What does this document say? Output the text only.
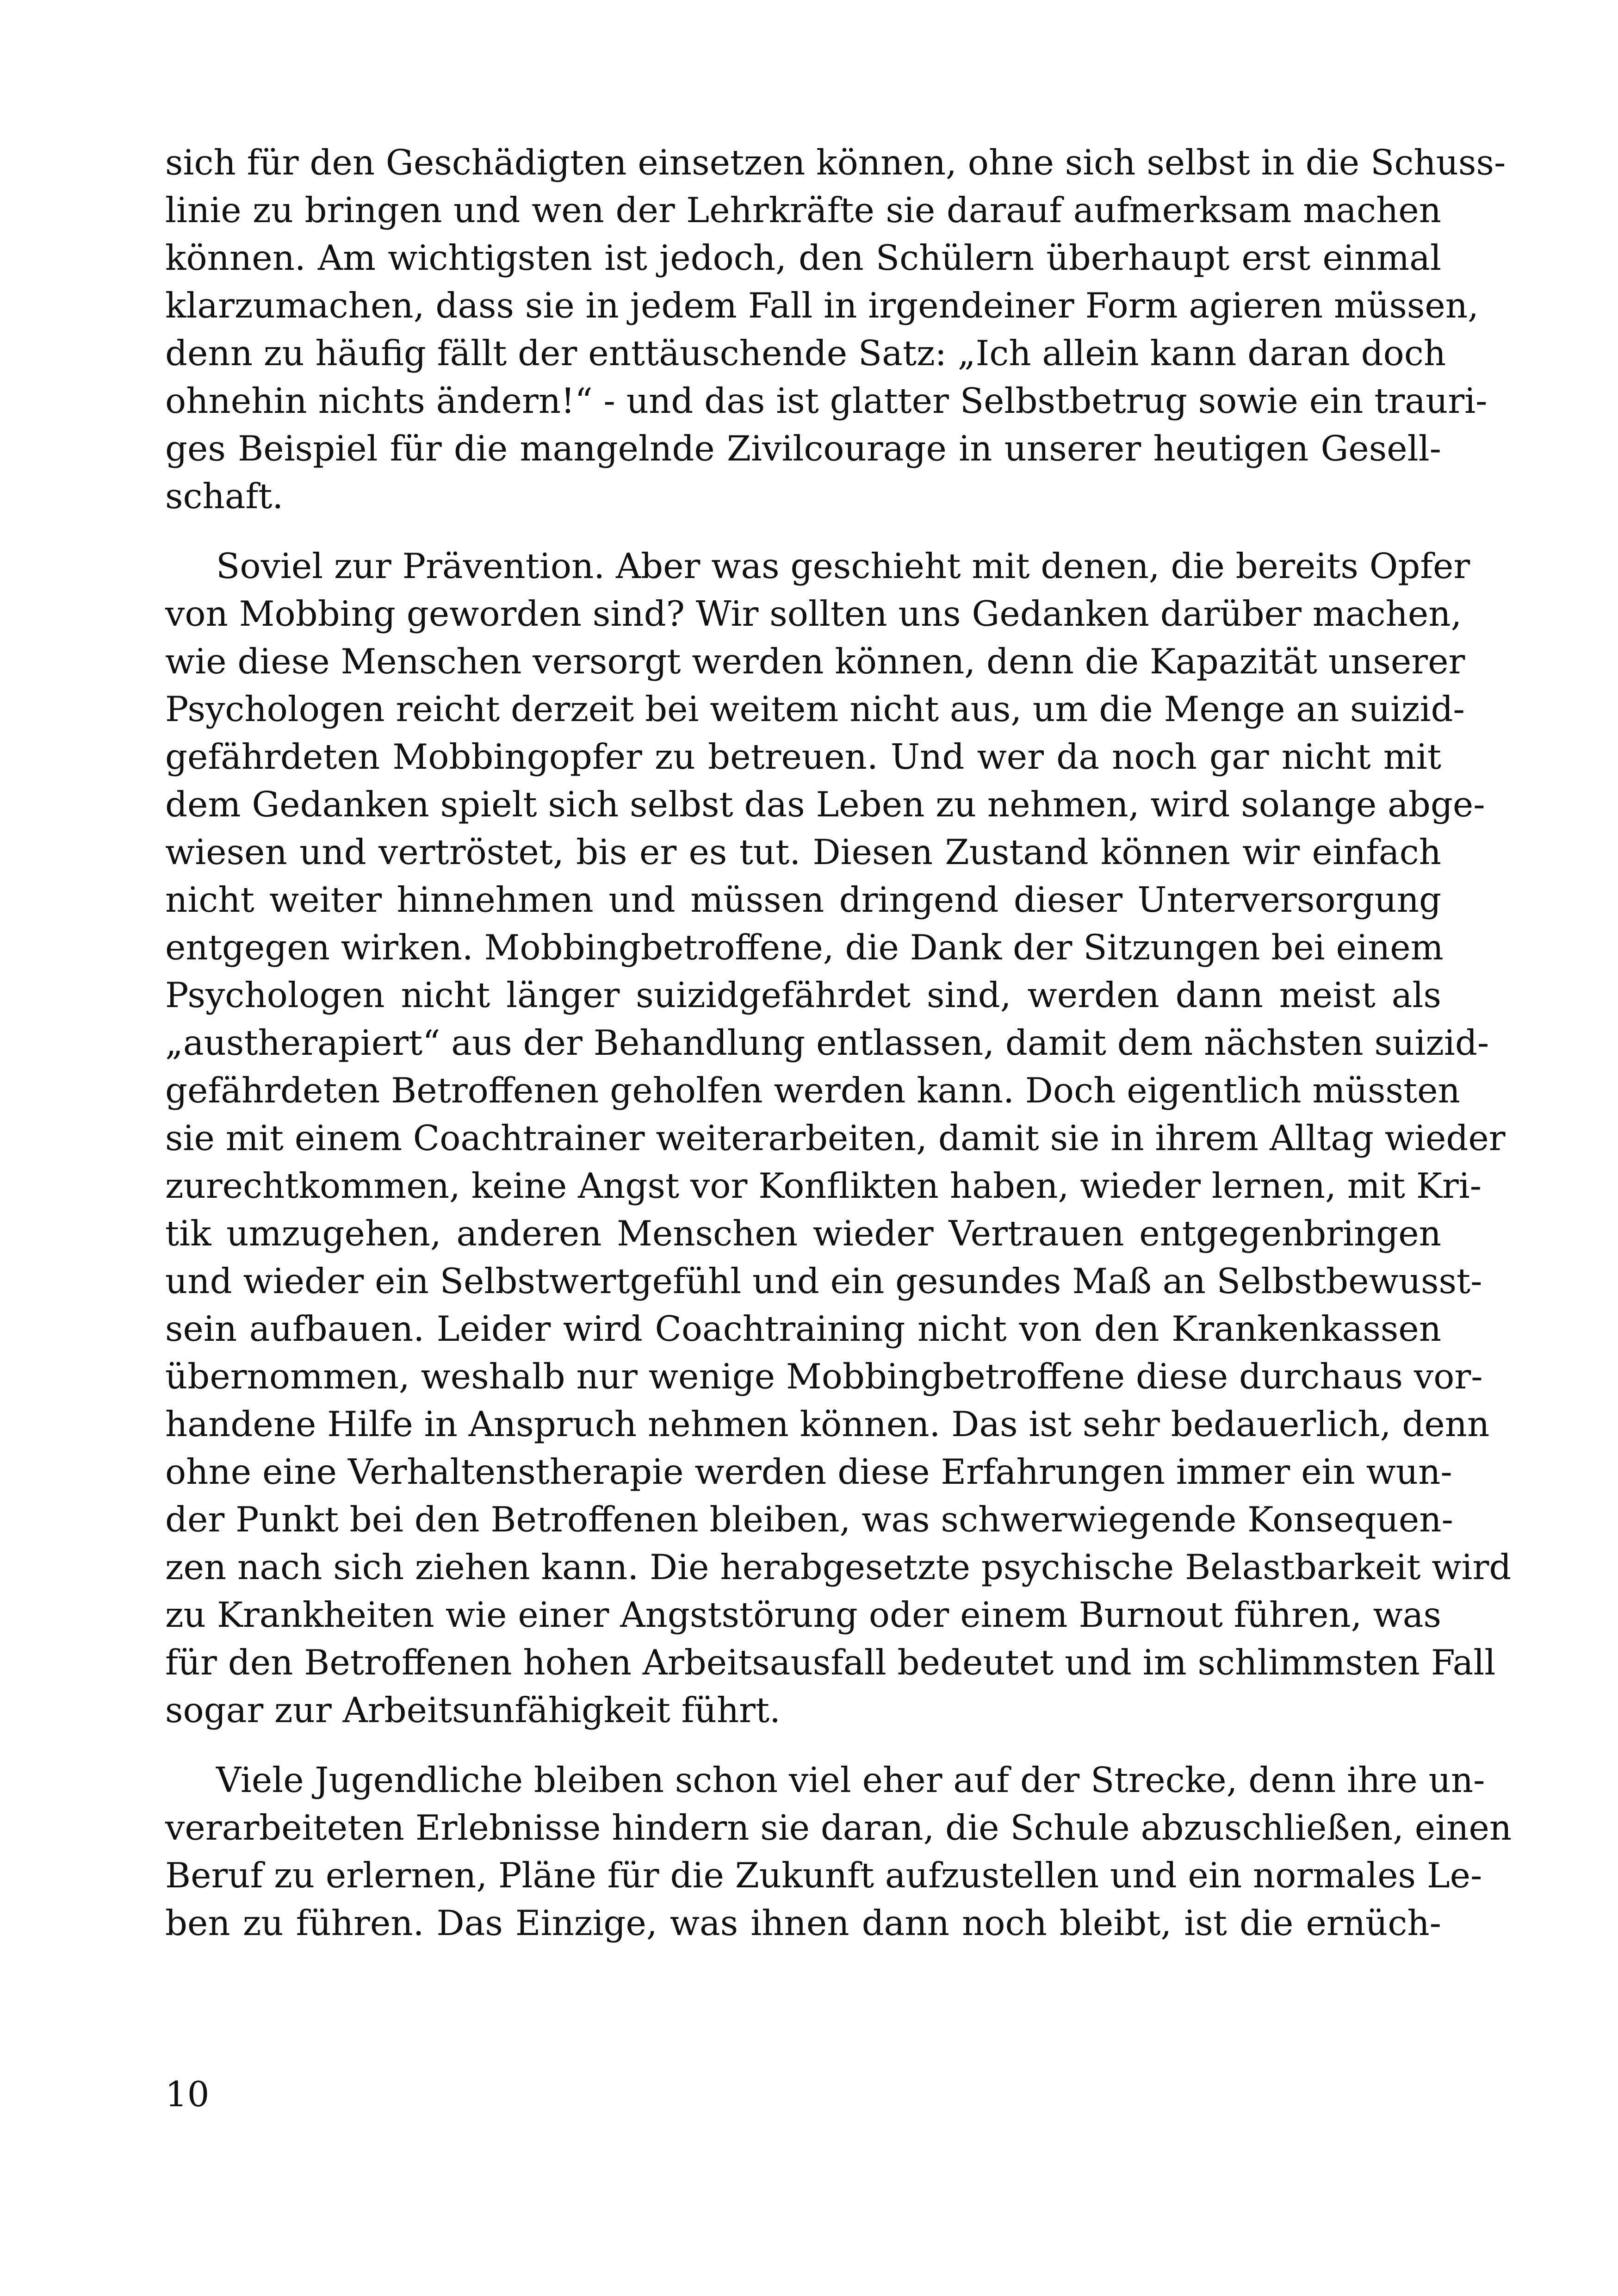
sich für den Geschädigten einsetzen können, ohne sich selbst in die Schuss-
linie zu bringen und wen der Lehrkräfte sie darauf aufmerksam machen
können. Am wichtigsten ist jedoch, den Schülern überhaupt erst einmal
klarzumachen, dass sie in jedem Fall in irgendeiner Form agieren müssen,
denn zu häufig fällt der enttäuschende Satz: „Ich allein kann daran doch
ohnehin nichts ändern!“ - und das ist glatter Selbstbetrug sowie ein trauri-
ges Beispiel für die mangelnde Zivilcourage in unserer heutigen Gesell-
schaft.
Soviel zur Prävention. Aber was geschieht mit denen, die bereits Opfer
von Mobbing geworden sind? Wir sollten uns Gedanken darüber machen,
wie diese Menschen versorgt werden können, denn die Kapazität unserer
Psychologen reicht derzeit bei weitem nicht aus, um die Menge an suizid-
gefährdeten Mobbingopfer zu betreuen. Und wer da noch gar nicht mit
dem Gedanken spielt sich selbst das Leben zu nehmen, wird solange abge-
wiesen und vertröstet, bis er es tut. Diesen Zustand können wir einfach
nicht weiter hinnehmen und müssen dringend dieser Unterversorgung
entgegen wirken. Mobbingbetroffene, die Dank der Sitzungen bei einem
Psychologen nicht länger suizidgefährdet sind, werden dann meist als
„austherapiert“ aus der Behandlung entlassen, damit dem nächsten suizid-
gefährdeten Betroffenen geholfen werden kann. Doch eigentlich müssten
sie mit einem Coachtrainer weiterarbeiten, damit sie in ihrem Alltag wieder
zurechtkommen, keine Angst vor Konflikten haben, wieder lernen, mit Kri-
tik umzugehen, anderen Menschen wieder Vertrauen entgegenbringen
und wieder ein Selbstwertgefühl und ein gesundes Maß an Selbstbewusst-
sein aufbauen. Leider wird Coachtraining nicht von den Krankenkassen
übernommen, weshalb nur wenige Mobbingbetroffene diese durchaus vor-
handene Hilfe in Anspruch nehmen können. Das ist sehr bedauerlich, denn
ohne eine Verhaltenstherapie werden diese Erfahrungen immer ein wun-
der Punkt bei den Betroffenen bleiben, was schwerwiegende Konsequen-
zen nach sich ziehen kann. Die herabgesetzte psychische Belastbarkeit wird
zu Krankheiten wie einer Angststörung oder einem Burnout führen, was
für den Betroffenen hohen Arbeitsausfall bedeutet und im schlimmsten Fall
sogar zur Arbeitsunfähigkeit führt.
Viele Jugendliche bleiben schon viel eher auf der Strecke, denn ihre un-
verarbeiteten Erlebnisse hindern sie daran, die Schule abzuschließen, einen
Beruf zu erlernen, Pläne für die Zukunft aufzustellen und ein normales Le-
ben zu führen. Das Einzige, was ihnen dann noch bleibt, ist die ernüch-
10
